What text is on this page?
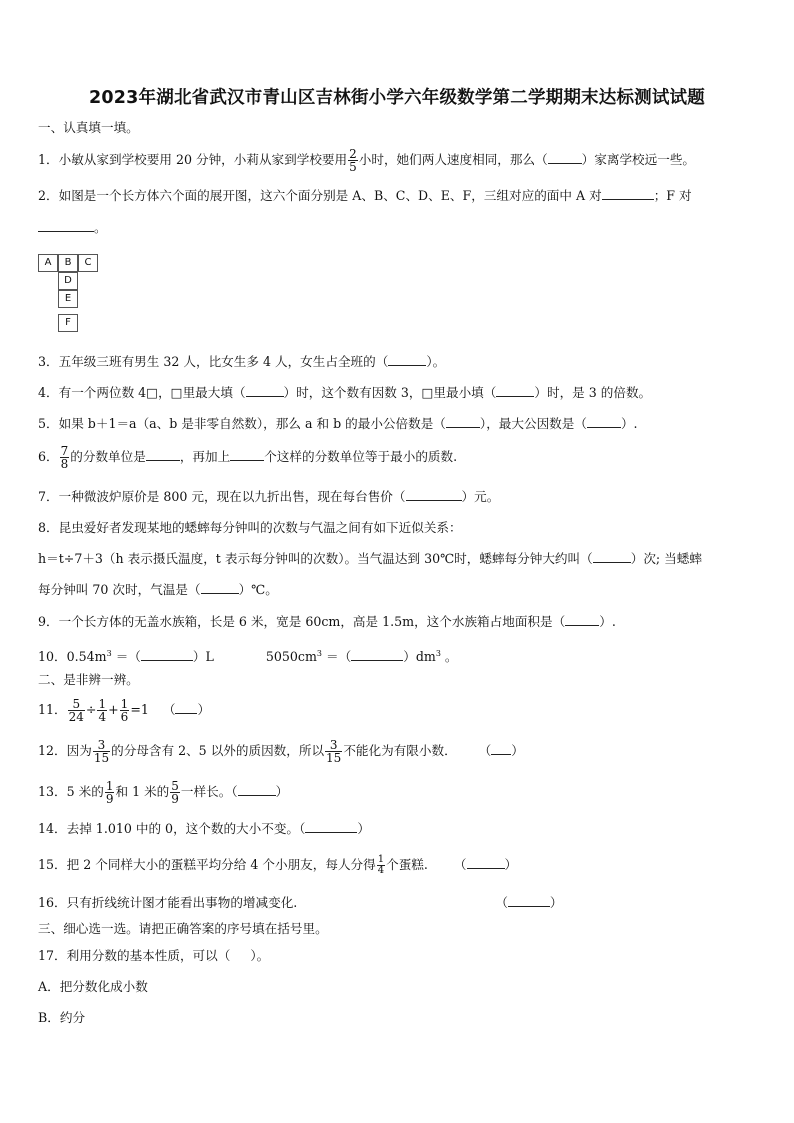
2023年湖北省武汉市青山区吉林街小学六年级数学第二学期期末达标测试试题
一、认真填一填。
1．小敏从家到学校要用 20 分钟，小莉从家到学校要用 $\frac{2}{5}$ 小时，她们两人速度相同，那么（	）家离学校远一些。
2．如图是一个长方体六个面的展开图，这六个面分别是 A、B、C、D、E、F，三组对应的面中 A 对	；F 对
。
A	B	C
D
E
F
3．五年级三班有男生 32 人，比女生多 4 人，女生占全班的（	）。
4．有一个两位数 4□，□里最大填（	）时，这个数有因数 3，□里最小填（	）时，是 3 的倍数。
5．如果 b＋1＝a（a、b 是非零自然数），那么 a 和 b 的最小公倍数是（	），最大公因数是（	）.
6． $\frac{7}{8}$ 的分数单位是	，再加上	个这样的分数单位等于最小的质数.
7．一种微波炉原价是 800 元，现在以九折出售，现在每台售价（	）元。
8．昆虫爱好者发现某地的蟋蟀每分钟叫的次数与气温之间有如下近似关系：
h＝t÷7＋3（h 表示摄氏温度，t 表示每分钟叫的次数）。当气温达到 30℃时，蟋蟀每分钟大约叫（	）次; 当蟋蟀
每分钟叫 70 次时，气温是（	）℃。
9．一个长方体的无盖水族箱，长是 6 米，宽是 60cm，高是 1.5m，这个水族箱占地面积是（	）.
10．$0.54m^3$ ＝（	）L	$5050cm^3$ ＝（	）$dm^3$ 。
二、是非辨一辨。
11． $\frac{5}{24} \div \frac{1}{4} + \frac{1}{6} =1$ （ ）
12．因为 $\frac{3}{15}$ 的分母含有 2、5 以外的质因数，所以 $\frac{3}{15}$ 不能化为有限小数． （ ）
13．5 米的 $\frac{1}{9}$ 和 1 米的 $\frac{5}{9}$ 一样长。（	）
14．去掉 1.010 中的 0，这个数的大小不变。（	）
15．把 2 个同样大小的蛋糕平均分给 4 个小朋友，每人分得 $\frac{1}{4}$ 个蛋糕. （	）
16．只有折线统计图才能看出事物的增减变化.	（	）
三、细心选一选。请把正确答案的序号填在括号里。
17．利用分数的基本性质，可以（ ）。
A．把分数化成小数
B．约分
